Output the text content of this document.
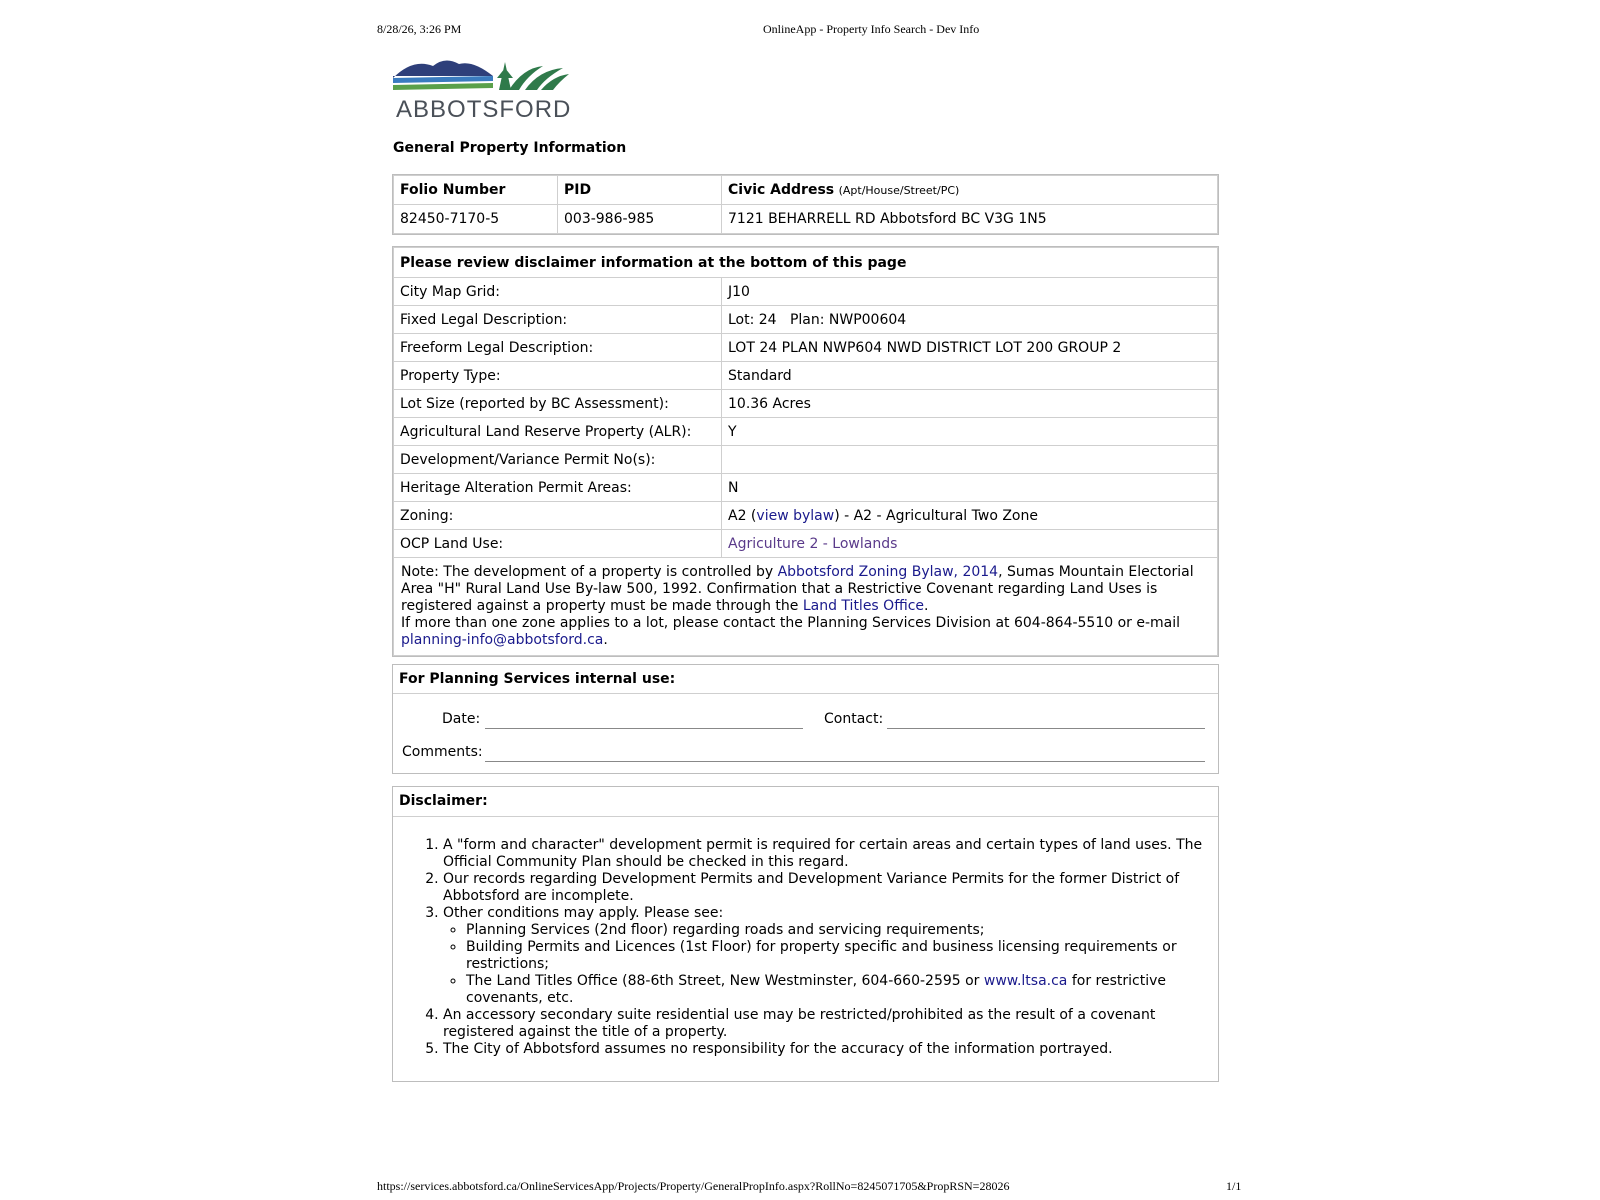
8/28/26, 3:26 PM	OnlineApp - Property Info Search - Dev Info
ABBOTSFORD
General Property Information
Folio Number	PID	Civic Address (Apt/House/Street/PC)
82450-7170-5	003-986-985	7121 BEHARRELL RD Abbotsford BC V3G 1N5
Please review disclaimer information at the bottom of this page	
City Map Grid:	J10
Fixed Legal Description:	Lot: 24   Plan: NWP00604
Freeform Legal Description:	LOT 24 PLAN NWP604 NWD DISTRICT LOT 200 GROUP 2
Property Type:	Standard
Lot Size (reported by BC Assessment):	10.36 Acres
Agricultural Land Reserve Property (ALR):	Y
Development/Variance Permit No(s):	
Heritage Alteration Permit Areas:	N
Zoning:	A2 (view bylaw) - A2 - Agricultural Two Zone
OCP Land Use:	Agriculture 2 - Lowlands
Note: The development of a property is controlled by Abbotsford Zoning Bylaw, 2014, Sumas Mountain Electorial Area "H" Rural Land Use By-law 500, 1992. Confirmation that a Restrictive Covenant regarding Land Uses is registered against a property must be made through the Land Titles Office.
If more than one zone applies to a lot, please contact the Planning Services Division at 604-864-5510 or e-mail
planning-info@abbotsford.ca.	
For Planning Services internal use:
Date:	Contact:
Comments:
Disclaimer:
1. A "form and character" development permit is required for certain areas and certain types of land uses. The Official Community Plan should be checked in this regard.
2. Our records regarding Development Permits and Development Variance Permits for the former District of Abbotsford are incomplete.
3. Other conditions may apply. Please see:
◦ Planning Services (2nd floor) regarding roads and servicing requirements;
◦ Building Permits and Licences (1st Floor) for property specific and business licensing requirements or restrictions;
◦ The Land Titles Office (88-6th Street, New Westminster, 604-660-2595 or www.ltsa.ca for restrictive covenants, etc.
4. An accessory secondary suite residential use may be restricted/prohibited as the result of a covenant registered against the title of a property.
5. The City of Abbotsford assumes no responsibility for the accuracy of the information portrayed.
https://services.abbotsford.ca/OnlineServicesApp/Projects/Property/GeneralPropInfo.aspx?RollNo=8245071705&PropRSN=28026	1/1
